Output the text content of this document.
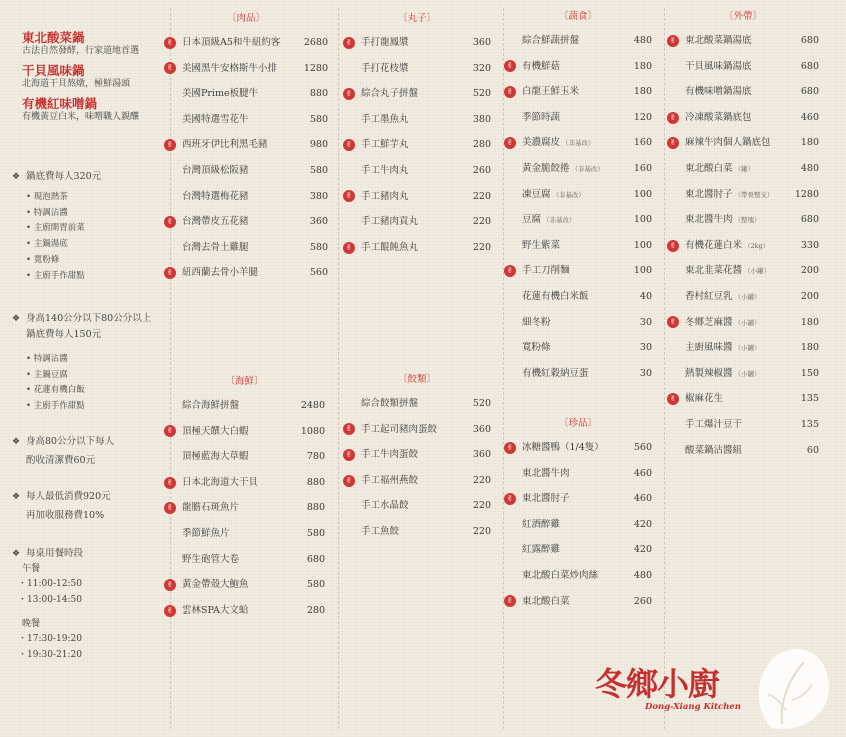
東北酸菜鍋
古法自然發酵，行家道地首選
干貝風味鍋
北海道干貝熬燉，極鮮湯頭
有機紅味噌鍋
有機黃豆白米，味噌職人親釀
❖ 鍋底費每人320元
• 現泡熱茶
• 特調沾醬
• 主廚開胃前菜
• 主鍋湯底
• 寬粉條
• 主廚手作甜點
❖ 身高140公分以下80公分以上
鍋底費每人150元
• 特調沾醬
• 主鍋豆腐
• 花蓮有機白飯
• 主廚手作甜點
❖ 身高80公分以下每人
酌收清潔費60元
❖ 每人最低消費920元
再加收服務費10%
❖ 每桌用餐時段
午餐
・11:00-12:50
・13:00-14:50
晚餐
・17:30-19:20
・19:30-21:20
〔肉品〕
✌ 日本頂級A5和牛紐約客 2680
✌ 美國黑牛安格斯牛小排	1280
美國Prime板腱牛	880
美國特選雪花牛	580
✌ 西班牙伊比利黑毛豬	980
台灣頂級松阪豬	580
台灣特選梅花豬	380
✌ 台灣帶皮五花豬	360
台灣去骨土雞腿	580
✌ 紐西蘭去骨小羊腿	560
〔丸子〕
✌ 手打龍鳳漿	360
手打花枝漿	320
✌ 綜合丸子拼盤	520
手工墨魚丸	380
✌ 手工鮮芋丸	280
手工牛肉丸	260
✌ 手工豬肉丸	220
手工豬肉貢丸	220
✌ 手工餛飩魚丸	220
〔蔬食〕
綜合鮮蔬拼盤	480
✌ 有機鮮菇	180
✌ 白龍王鮮玉米	180
季節時蔬	120
✌ 美濃腐皮 （非基改）	160
黃金脆餃捲 （非基改）	160
凍豆腐 （非基改）	100
豆腐 （非基改）	100
野生紫菜	100
✌ 手工刀削麵	100
花蓮有機白米飯	40
細冬粉	30
寬粉條	30
有機紅穀納豆蛋	30
〔外帶〕
✌ 東北酸菜鍋湯底	680
干貝風味鍋湯底	680
有機味噌鍋湯底	680
✌ 冷凍酸菜鍋底包	460
✌ 麻辣牛肉個人鍋底包	180
東北酸白菜 （罐）	480
東北醬肘子 （帶骨整支） 1280
東北醬牛肉 （整塊）	680
✌ 有機花蓮白米 （2kg）	330
東北韭菜花醬 （小罐）	200
香村紅豆乳 （小罐）	200
✌ 冬鄉芝麻醬 （小罐）	180
主廚風味醬 （小罐）	180
熱製辣椒醬 （小罐）	150
✌ 椒麻花生	135
手工爆汁豆干	135
酸菜鍋沾醬組	60
〔海鮮〕
綜合海鮮拼盤	2480
✌ 頂極天饌大白蝦	1080
頂極藍海大草蝦	780
✌ 日本北海道大干貝	880
✌ 龍膽石斑魚片	880
季節鮮魚片	580
野生砲管大卷	680
✌ 黃金帶殼大鮑魚	580
✌ 雲林SPA大文蛤	280
〔餃類〕
綜合餃類拼盤	520
✌ 手工起司豬肉蛋餃	360
✌ 手工牛肉蛋餃	360
✌ 手工福州燕餃	220
手工水晶餃	220
手工魚餃	220
〔珍品〕
✌ 冰糖醬鴨（1/4隻）	560
東北醬牛肉	460
✌ 東北醬肘子	460
紅酒醉雞	420
紅露醉雞	420
東北酸白菜炒肉絲	480
✌ 東北酸白菜	260
冬鄉小廚
Dong-Xiang Kitchen
